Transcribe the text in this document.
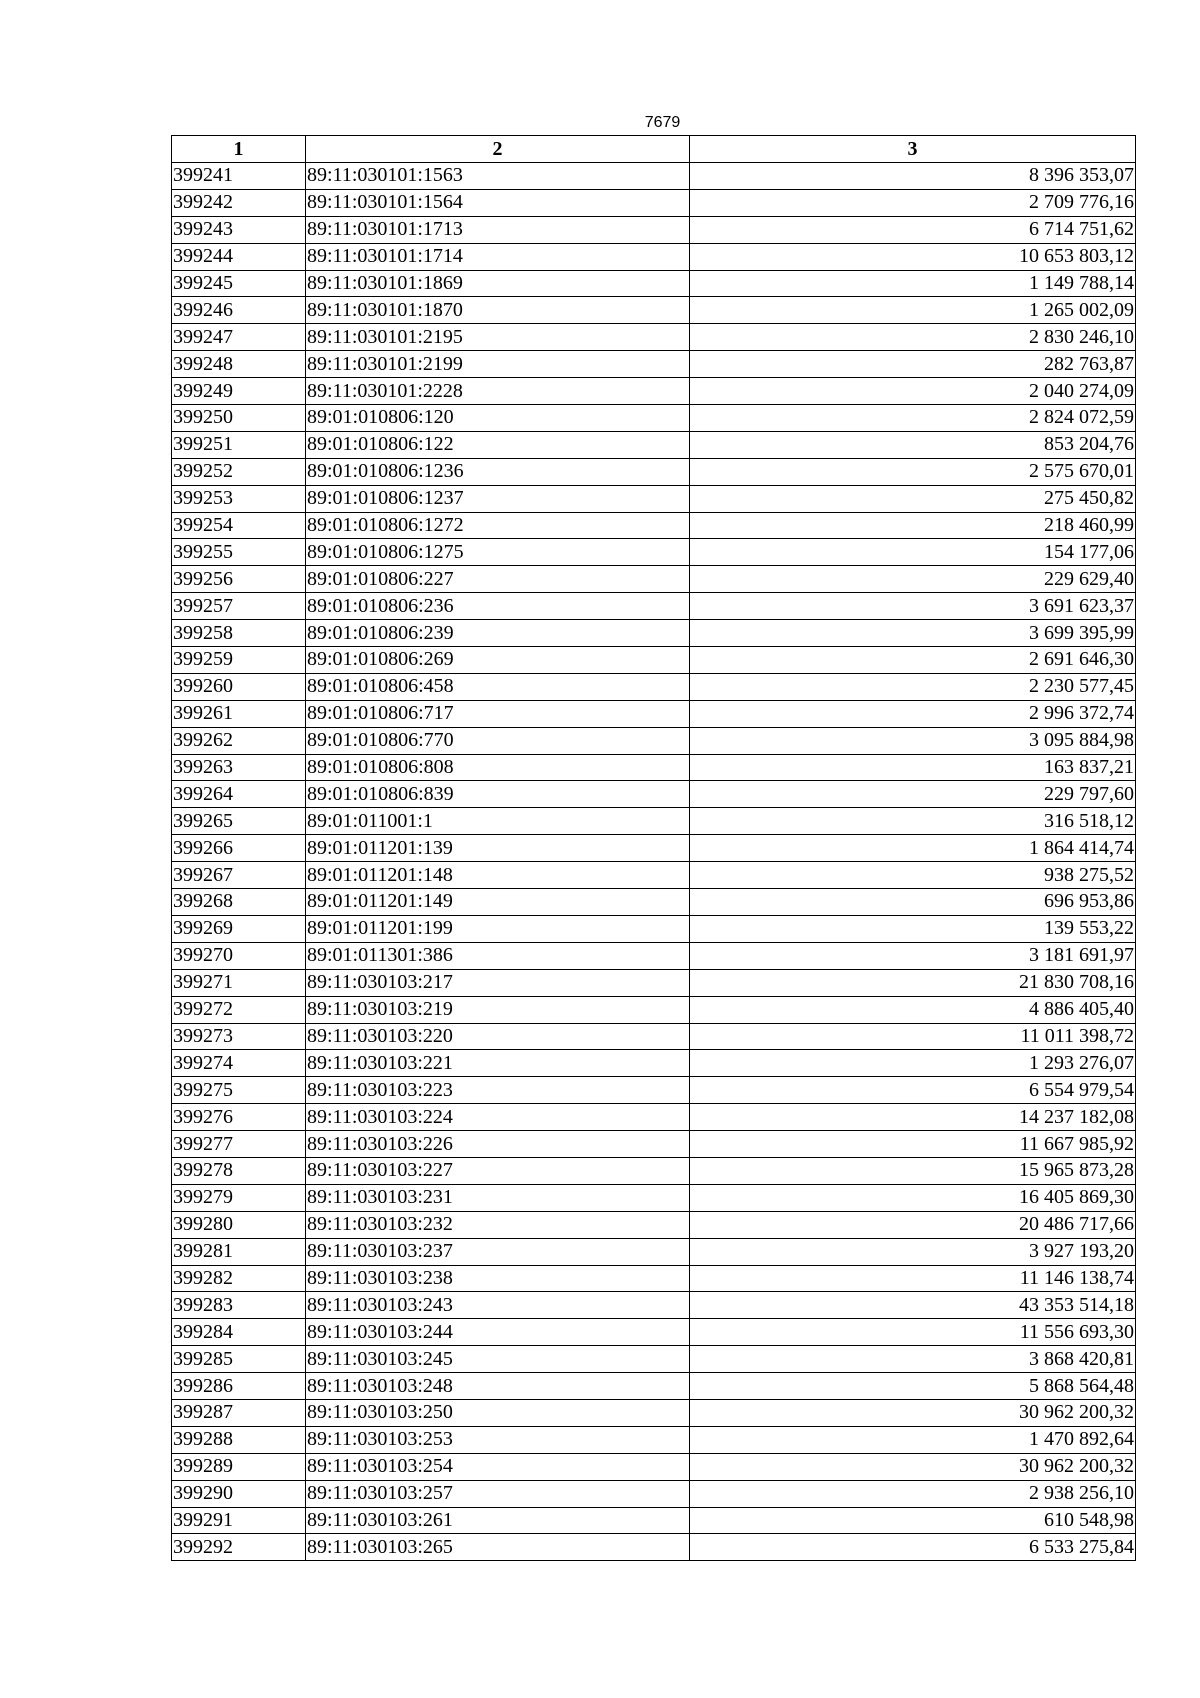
7679
1	2	3
399241	89:11:030101:1563	8 396 353,07
399242	89:11:030101:1564	2 709 776,16
399243	89:11:030101:1713	6 714 751,62
399244	89:11:030101:1714	10 653 803,12
399245	89:11:030101:1869	1 149 788,14
399246	89:11:030101:1870	1 265 002,09
399247	89:11:030101:2195	2 830 246,10
399248	89:11:030101:2199	282 763,87
399249	89:11:030101:2228	2 040 274,09
399250	89:01:010806:120	2 824 072,59
399251	89:01:010806:122	853 204,76
399252	89:01:010806:1236	2 575 670,01
399253	89:01:010806:1237	275 450,82
399254	89:01:010806:1272	218 460,99
399255	89:01:010806:1275	154 177,06
399256	89:01:010806:227	229 629,40
399257	89:01:010806:236	3 691 623,37
399258	89:01:010806:239	3 699 395,99
399259	89:01:010806:269	2 691 646,30
399260	89:01:010806:458	2 230 577,45
399261	89:01:010806:717	2 996 372,74
399262	89:01:010806:770	3 095 884,98
399263	89:01:010806:808	163 837,21
399264	89:01:010806:839	229 797,60
399265	89:01:011001:1	316 518,12
399266	89:01:011201:139	1 864 414,74
399267	89:01:011201:148	938 275,52
399268	89:01:011201:149	696 953,86
399269	89:01:011201:199	139 553,22
399270	89:01:011301:386	3 181 691,97
399271	89:11:030103:217	21 830 708,16
399272	89:11:030103:219	4 886 405,40
399273	89:11:030103:220	11 011 398,72
399274	89:11:030103:221	1 293 276,07
399275	89:11:030103:223	6 554 979,54
399276	89:11:030103:224	14 237 182,08
399277	89:11:030103:226	11 667 985,92
399278	89:11:030103:227	15 965 873,28
399279	89:11:030103:231	16 405 869,30
399280	89:11:030103:232	20 486 717,66
399281	89:11:030103:237	3 927 193,20
399282	89:11:030103:238	11 146 138,74
399283	89:11:030103:243	43 353 514,18
399284	89:11:030103:244	11 556 693,30
399285	89:11:030103:245	3 868 420,81
399286	89:11:030103:248	5 868 564,48
399287	89:11:030103:250	30 962 200,32
399288	89:11:030103:253	1 470 892,64
399289	89:11:030103:254	30 962 200,32
399290	89:11:030103:257	2 938 256,10
399291	89:11:030103:261	610 548,98
399292	89:11:030103:265	6 533 275,84
